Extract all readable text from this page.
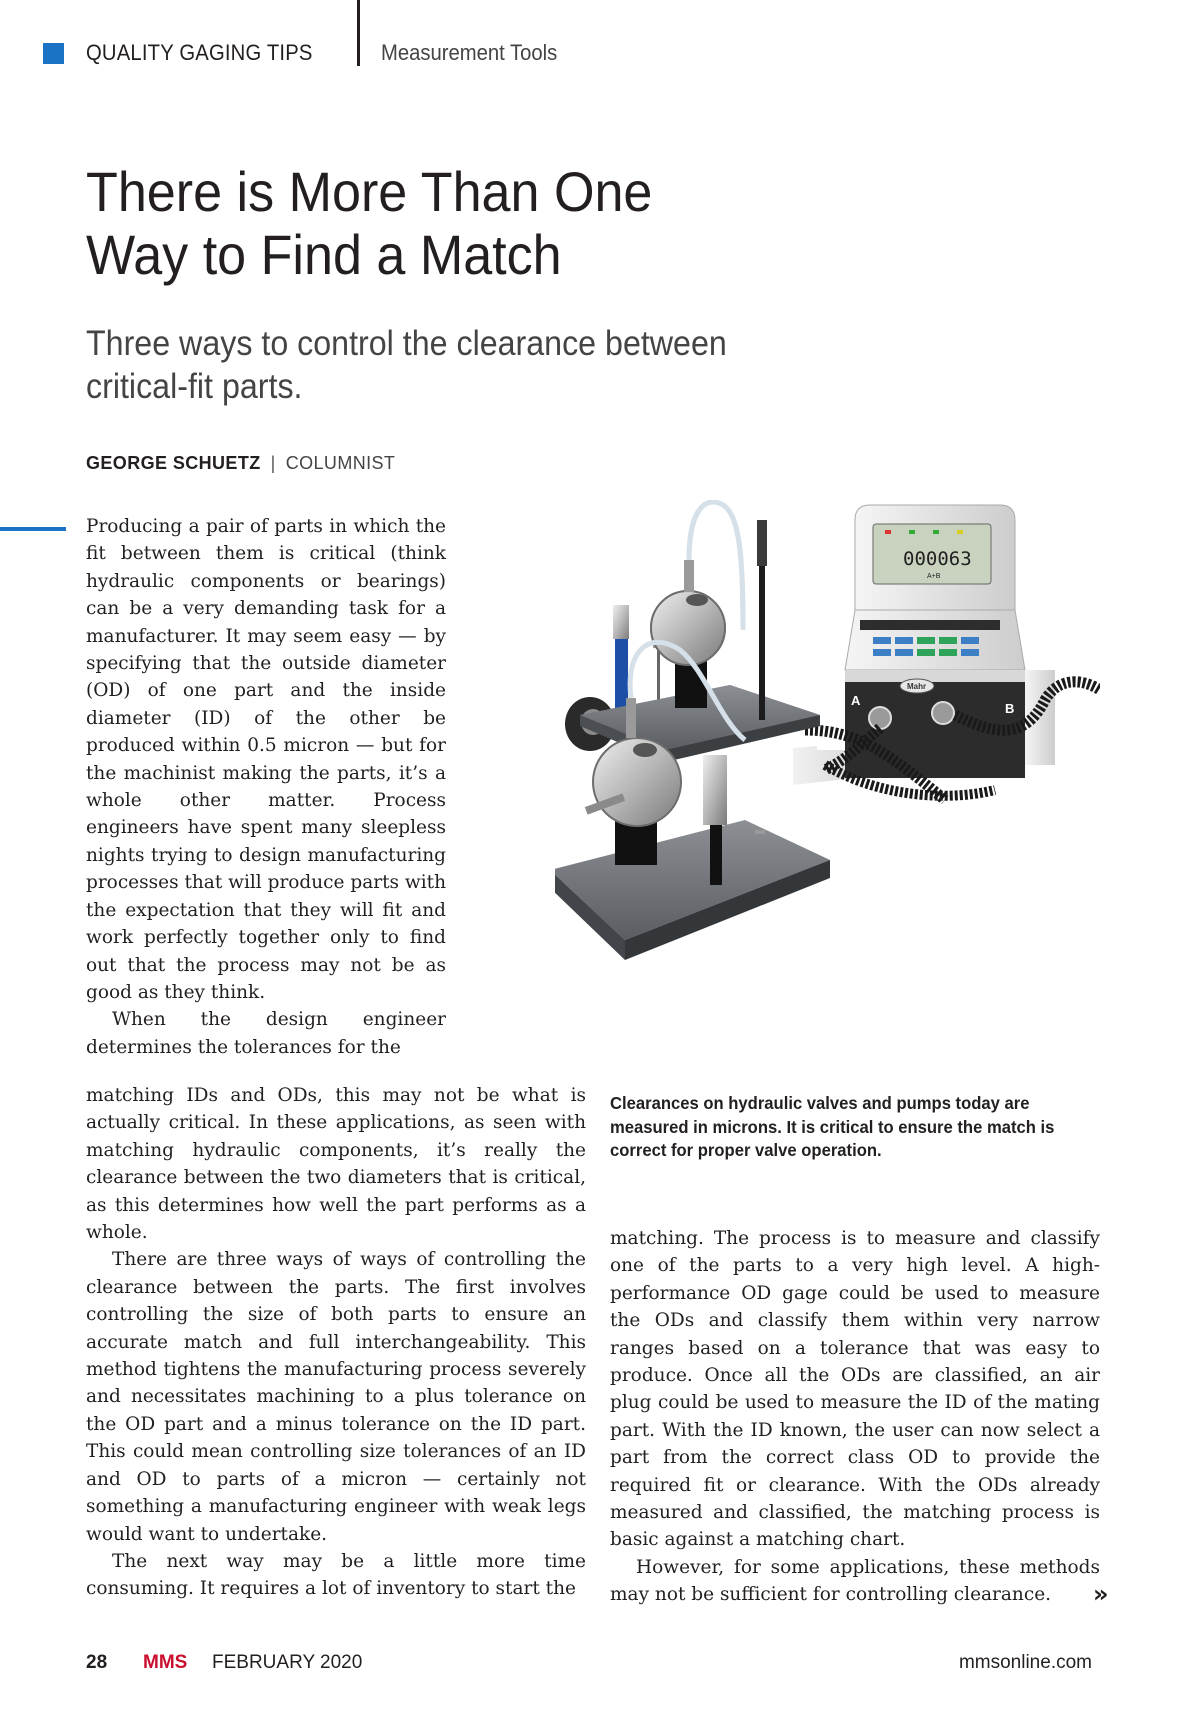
QUALITY GAGING TIPS	Measurement Tools
There is More Than One
Way to Find a Match
Three ways to control the clearance between
critical-fit parts.
GEORGE SCHUETZ | COLUMNIST

Producing a pair of parts in which the fit between them is critical (think hydraulic components or bearings) can be a very demanding task for a manufacturer. It may seem easy — by specifying that the outside diameter (OD) of one part and the inside diameter (ID) of the other be produced within 0.5 micron — but for the machinist making the parts, it’s a whole other matter. Process engineers have spent many sleepless nights trying to design manufacturing processes that will produce parts with the expectation that they will fit and work perfectly together only to find out that the process may not be as good as they think.

When the design engineer determines the tolerances for the

matching IDs and ODs, this may not be what is actually critical. In these applications, as seen with matching hydraulic components, it’s really the clearance between the two diameters that is critical, as this determines how well the part performs as a whole.

There are three ways of ways of controlling the clearance between the parts. The first involves controlling the size of both parts to ensure an accurate match and full interchangeability. This method tightens the manufacturing process severely and necessitates machining to a plus tolerance on the OD part and a minus tolerance on the ID part. This could mean controlling size tolerances of an ID and OD to parts of a micron — certainly not something a manufacturing engineer with weak legs would want to undertake.

The next way may be a little more time consuming. It requires a lot of inventory to start the

000063
A+B
Mahr
A
B
Clearances on hydraulic valves and pumps today are measured in microns. It is critical to ensure the match is correct for proper valve operation.

matching. The process is to measure and classify one of the parts to a very high level. A high-performance OD gage could be used to measure the ODs and classify them within very narrow ranges based on a tolerance that was easy to produce. Once all the ODs are classified, an air plug could be used to measure the ID of the mating part. With the ID known, the user can now select a part from the correct class OD to provide the required fit or clearance. With the ODs already measured and classified, the matching process is basic against a matching chart.

However, for some applications, these methods may not be sufficient for controlling clearance.	»
28 MMS FEBRUARY 2020	mmsonline.com
